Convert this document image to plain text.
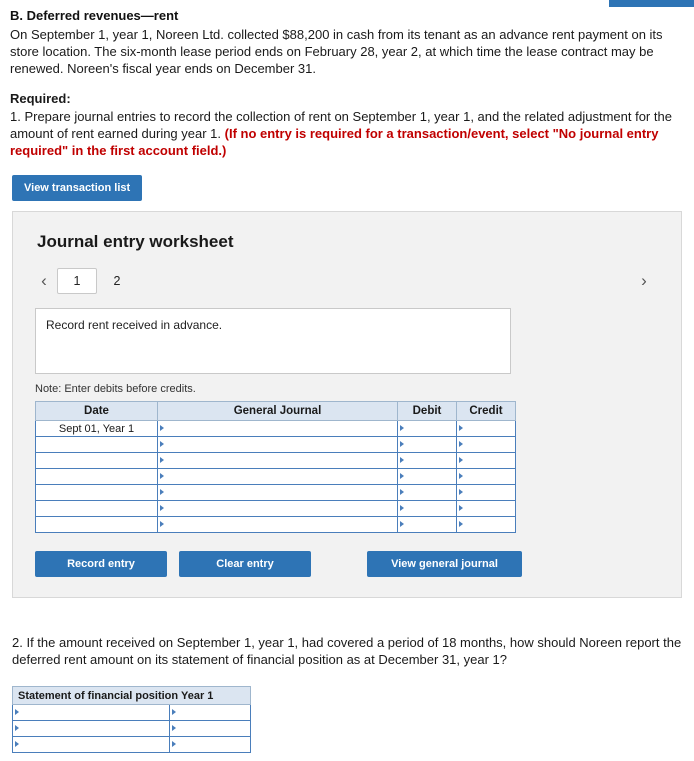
B. Deferred revenues—rent

On September 1, year 1, Noreen Ltd. collected $88,200 in cash from its tenant as an advance rent payment on its store location. The six-month lease period ends on February 28, year 2, at which time the lease contract may be renewed. Noreen's fiscal year ends on December 31.

Required:
1. Prepare journal entries to record the collection of rent on September 1, year 1, and the related adjustment for the amount of rent earned during year 1. (If no entry is required for a transaction/event, select "No journal entry required" in the first account field.)
View transaction list
Journal entry worksheet
‹	1	2	›
Record rent received in advance.
Note: Enter debits before credits.
Date	General Journal	Debit	Credit
Sept 01, Year 1			

Record entry	Clear entry	View general journal
2. If the amount received on September 1, year 1, had covered a period of 18 months, how should Noreen report the deferred rent amount on its statement of financial position as at December 31, year 1?
Statement of financial position Year 1	
